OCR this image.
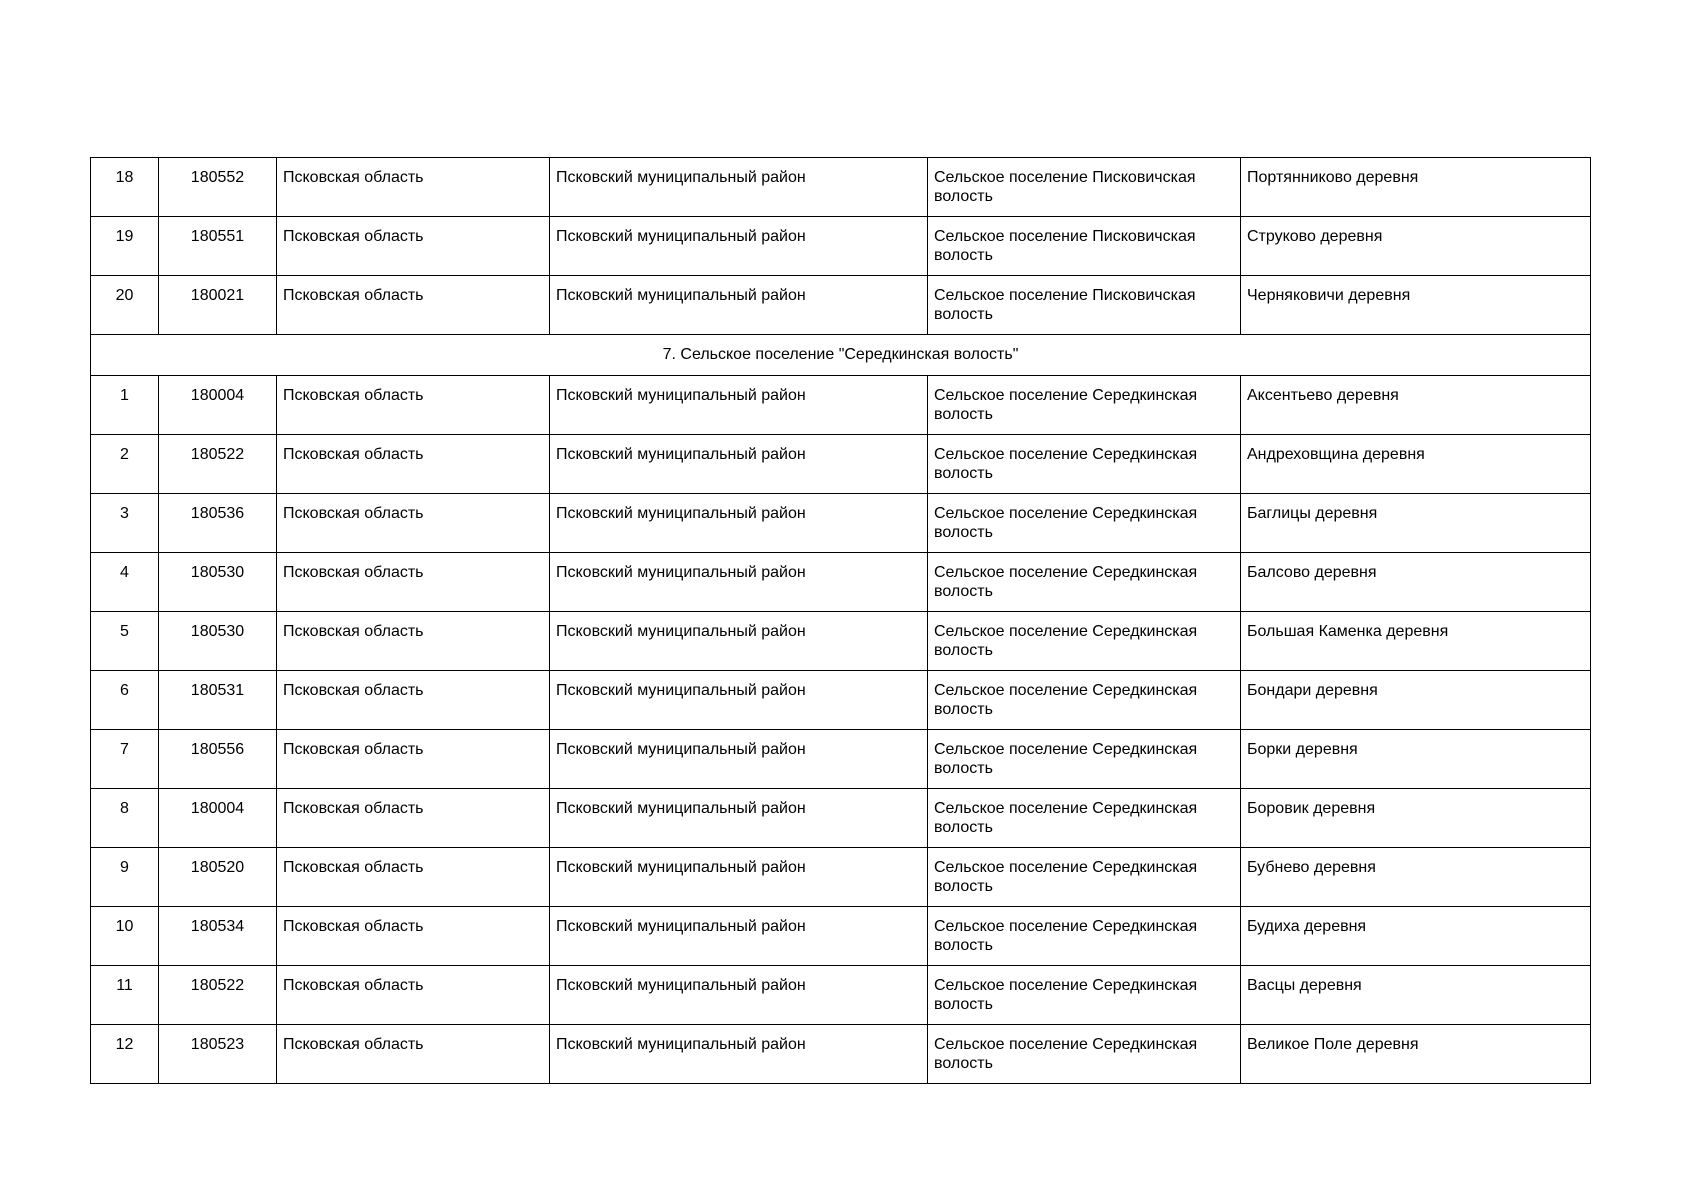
18	180552	Псковская область	Псковский муниципальный район	Сельское поселение Писковичская волость	Портянниково деревня
19	180551	Псковская область	Псковский муниципальный район	Сельское поселение Писковичская волость	Струково деревня
20	180021	Псковская область	Псковский муниципальный район	Сельское поселение Писковичская волость	Черняковичи деревня
7. Сельское поселение "Середкинская волость"					
1	180004	Псковская область	Псковский муниципальный район	Сельское поселение Середкинская волость	Аксентьево деревня
2	180522	Псковская область	Псковский муниципальный район	Сельское поселение Середкинская волость	Андреховщина деревня
3	180536	Псковская область	Псковский муниципальный район	Сельское поселение Середкинская волость	Баглицы деревня
4	180530	Псковская область	Псковский муниципальный район	Сельское поселение Середкинская волость	Балсово деревня
5	180530	Псковская область	Псковский муниципальный район	Сельское поселение Середкинская волость	Большая Каменка деревня
6	180531	Псковская область	Псковский муниципальный район	Сельское поселение Середкинская волость	Бондари деревня
7	180556	Псковская область	Псковский муниципальный район	Сельское поселение Середкинская волость	Борки деревня
8	180004	Псковская область	Псковский муниципальный район	Сельское поселение Середкинская волость	Боровик деревня
9	180520	Псковская область	Псковский муниципальный район	Сельское поселение Середкинская волость	Бубнево деревня
10	180534	Псковская область	Псковский муниципальный район	Сельское поселение Середкинская волость	Будиха деревня
11	180522	Псковская область	Псковский муниципальный район	Сельское поселение Середкинская волость	Васцы деревня
12	180523	Псковская область	Псковский муниципальный район	Сельское поселение Середкинская волость	Великое Поле деревня
